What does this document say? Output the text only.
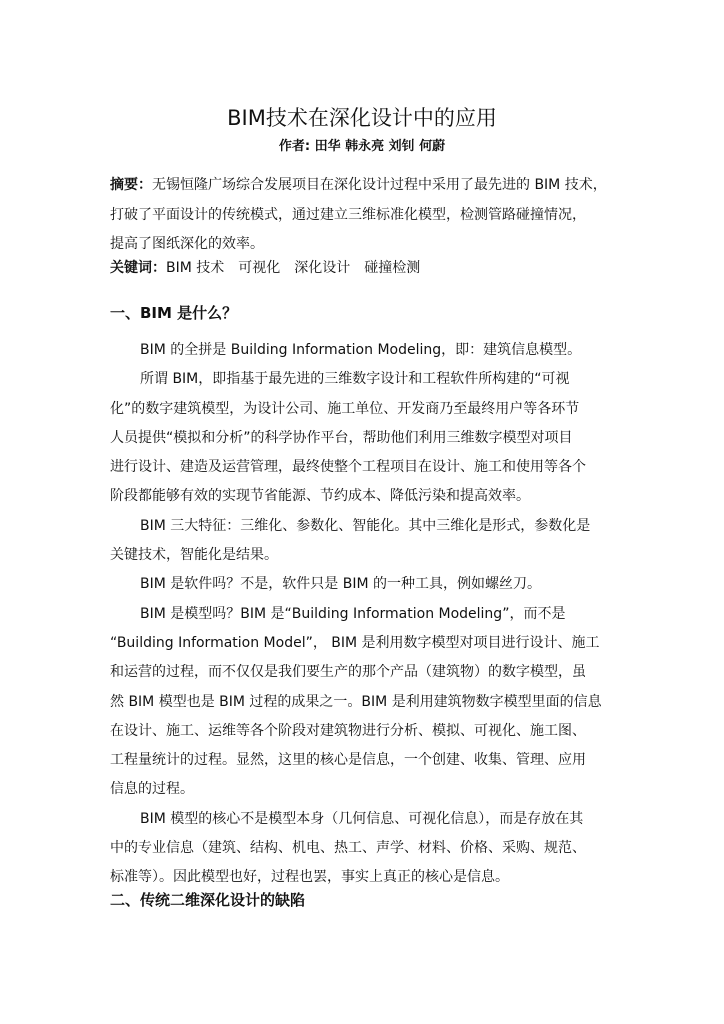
BIM技术在深化设计中的应用
作者: 田华 韩永亮 刘钊 何蔚
摘要：无锡恒隆广场综合发展项目在深化设计过程中采用了最先进的 BIM 技术，
打破了平面设计的传统模式，通过建立三维标准化模型，检测管路碰撞情况，
提高了图纸深化的效率。
关键词：BIM 技术 可视化 深化设计 碰撞检测
一、BIM 是什么？
BIM 的全拼是 Building Information Modeling，即：建筑信息模型。
所谓 BIM，即指基于最先进的三维数字设计和工程软件所构建的“可视
化”的数字建筑模型，为设计公司、施工单位、开发商乃至最终用户等各环节
人员提供“模拟和分析”的科学协作平台，帮助他们利用三维数字模型对项目
进行设计、建造及运营管理，最终使整个工程项目在设计、施工和使用等各个
阶段都能够有效的实现节省能源、节约成本、降低污染和提高效率。
BIM 三大特征：三维化、参数化、智能化。其中三维化是形式，参数化是
关键技术，智能化是结果。
BIM 是软件吗？不是，软件只是 BIM 的一种工具，例如螺丝刀。
BIM 是模型吗？BIM 是“Building Information Modeling”，而不是
“Building Information Model”， BIM 是利用数字模型对项目进行设计、施工
和运营的过程，而不仅仅是我们要生产的那个产品（建筑物）的数字模型，虽
然 BIM 模型也是 BIM 过程的成果之一。BIM 是利用建筑物数字模型里面的信息
在设计、施工、运维等各个阶段对建筑物进行分析、模拟、可视化、施工图、
工程量统计的过程。显然，这里的核心是信息，一个创建、收集、管理、应用
信息的过程。
BIM 模型的核心不是模型本身（几何信息、可视化信息），而是存放在其
中的专业信息（建筑、结构、机电、热工、声学、材料、价格、采购、规范、
标准等）。因此模型也好，过程也罢，事实上真正的核心是信息。
二、传统二维深化设计的缺陷
